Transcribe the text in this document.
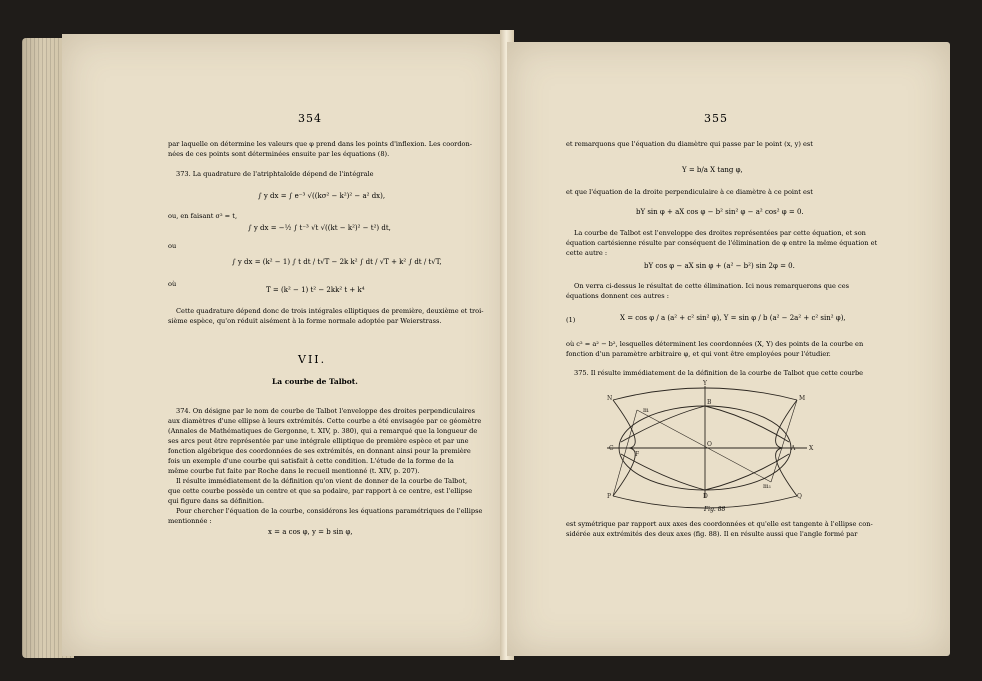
354
par laquelle on détermine les valeurs que φ prend dans les points d'inflexion. Les coordon-
nées de ces points sont déterminées ensuite par les équations (8).
373. La quadrature de l'atriphtaloïde dépend de l'intégrale
∫ y dx = ∫ e⁻³ √((kσ² − k²)² − a² dx),
ou, en faisant σ² = t,
∫ y dx = −½ ∫ t⁻³ √t √((kt − k²)² − t²) dt,
ou
∫ y dx = (k² − 1) ∫ t dt / t√T − 2k k² ∫ dt / √T + k² ∫ dt / t√T,
où
T = (k² − 1) t² − 2kk² t + k⁴
Cette quadrature dépend donc de trois intégrales elliptiques de première, deuxième et troi-
sième espèce, qu'on réduit aisément à la forme normale adoptée par Weierstrass.
VII.
La courbe de Talbot.
374. On désigne par le nom de courbe de Talbot l'enveloppe des droites perpendiculaires
aux diamètres d'une ellipse à leurs extrémités. Cette courbe a été envisagée par ce géomètre
(Annales de Mathématiques de Gergonne, t. XIV, p. 380), qui a remarqué que la longueur de
ses arcs peut être représentée par une intégrale elliptique de première espèce et par une
fonction algébrique des coordonnées de ses extrémités, en donnant ainsi pour la première
fois un exemple d'une courbe qui satisfait à cette condition. L'étude de la forme de la
même courbe fut faite par Roche dans le recueil mentionné (t. XIV, p. 207).
Il résulte immédiatement de la définition qu'on vient de donner de la courbe de Talbot,
que cette courbe possède un centre et que sa podaire, par rapport à ce centre, est l'ellipse
qui figure dans sa définition.
Pour chercher l'équation de la courbe, considérons les équations paramétriques de l'ellipse
mentionnée :
x = a cos φ, y = b sin φ,
355
et remarquons que l'équation du diamètre qui passe par le point (x, y) est
Y = b/a X tang φ,
et que l'équation de la droite perpendiculaire à ce diamètre à ce point est
bY sin φ + aX cos φ − b² sin² φ − a² cos² φ = 0.
La courbe de Talbot est l'enveloppe des droites représentées par cette équation, et son
équation cartésienne résulte par conséquent de l'élimination de φ entre la même équation et
cette autre :
bY cos φ − aX sin φ + (a² − b²) sin 2φ = 0.
On verra ci-dessus le résultat de cette élimination. Ici nous remarquerons que ces
équations donnent ces autres :
(1)	X = cos φ / a (a² + c² sin² φ), Y = sin φ / b (a² − 2a² + c² sin² φ),
où c² = a² − b², lesquelles déterminent les coordonnées (X, Y) des points de la courbe en
fonction d'un paramètre arbitraire φ, et qui vont être employées pour l'étudier.
375. Il résulte immédiatement de la définition de la courbe de Talbot que cette courbe
Y
N	M
B
C	A X
P	Q
D
O
m
m₁
F
Fig. 88
est symétrique par rapport aux axes des coordonnées et qu'elle est tangente à l'ellipse con-
sidérée aux extrémités des deux axes (fig. 88). Il en résulte aussi que l'angle formé par
